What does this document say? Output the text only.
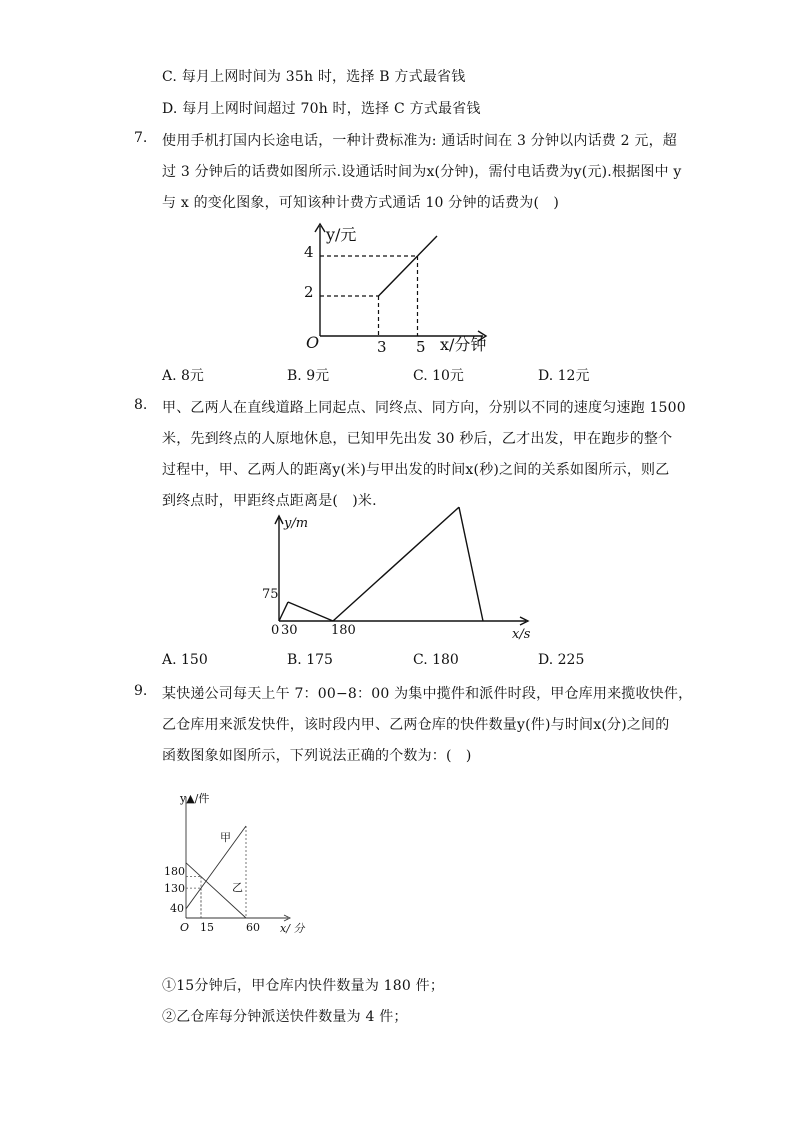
C. 每月上网时间为 35h 时，选择 B 方式最省钱
D. 每月上网时间超过 70h 时，选择 C 方式最省钱
7. 使用手机打国内长途电话，一种计费标准为: 通话时间在 3 分钟以内话费 2 元，超
过 3 分钟后的话费如图所示.设通话时间为x(分钟)，需付电话费为y(元).根据图中 y
与 x 的变化图象，可知该种计费方式通话 10 分钟的话费为(　)
y/元
x/分钟
O
4
2
3 5
A. 8元	B. 9元	C. 10元	D. 12元
8. 甲、乙两人在直线道路上同起点、同终点、同方向，分别以不同的速度匀速跑 1500
米，先到终点的人原地休息，已知甲先出发 30 秒后，乙才出发，甲在跑步的整个
过程中，甲、乙两人的距离y(米)与甲出发的时间x(秒)之间的关系如图所示，则乙
到终点时，甲距终点距离是(　)米.
y/m
x/s
0
75
30	180
A. 150	B. 175	C. 180	D. 225
9. 某快递公司每天上午 7：00−8：00 为集中揽件和派件时段，甲仓库用来揽收快件，
乙仓库用来派发快件，该时段内甲、乙两仓库的快件数量y(件)与时间x(分)之间的
函数图象如图所示，下列说法正确的个数为：(　)
y▲/件
x/ 分
O
180
130
40
15	60
甲
乙
①15分钟后，甲仓库内快件数量为 180 件；
②乙仓库每分钟派送快件数量为 4 件；
